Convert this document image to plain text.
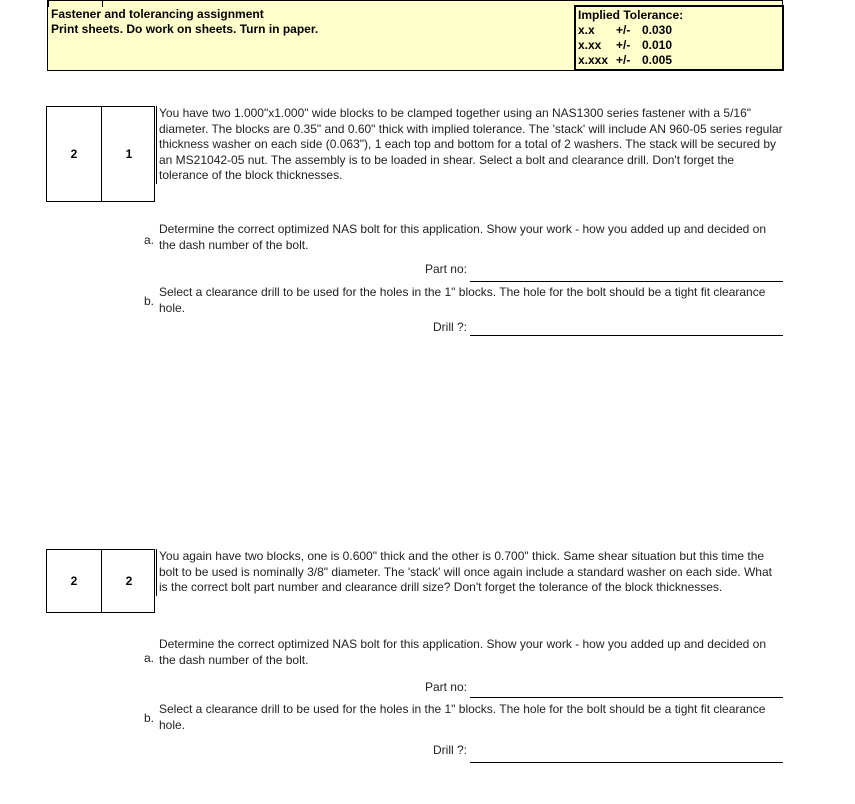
Fastener and tolerancing assignment
Print sheets. Do work on sheets. Turn in paper.
Implied Tolerance:
x.x +/- 0.030
x.xx +/- 0.010
x.xxx +/- 0.005
2	1
You have two 1.000"x1.000" wide blocks to be clamped together using an NAS1300 series fastener with a 5/16" diameter. The blocks are 0.35" and 0.60" thick with implied tolerance. The 'stack' will include AN 960-05 series regular thickness washer on each side (0.063"), 1 each top and bottom for a total of 2 washers. The stack will be secured by an MS21042-05 nut. The assembly is to be loaded in shear. Select a bolt and clearance drill. Don't forget the tolerance of the block thicknesses.
a.
Determine the correct optimized NAS bolt for this application. Show your work - how you added up and decided on the dash number of the bolt.
Part no:
b.
Select a clearance drill to be used for the holes in the 1" blocks. The hole for the bolt should be a tight fit clearance hole.
Drill ?:
2	2
You again have two blocks, one is 0.600" thick and the other is 0.700" thick. Same shear situation but this time the bolt to be used is nominally 3/8" diameter. The 'stack' will once again include a standard washer on each side. What is the correct bolt part number and clearance drill size? Don't forget the tolerance of the block thicknesses.
a.
Determine the correct optimized NAS bolt for this application. Show your work - how you added up and decided on the dash number of the bolt.
Part no:
b.
Select a clearance drill to be used for the holes in the 1" blocks. The hole for the bolt should be a tight fit clearance hole.
Drill ?:
